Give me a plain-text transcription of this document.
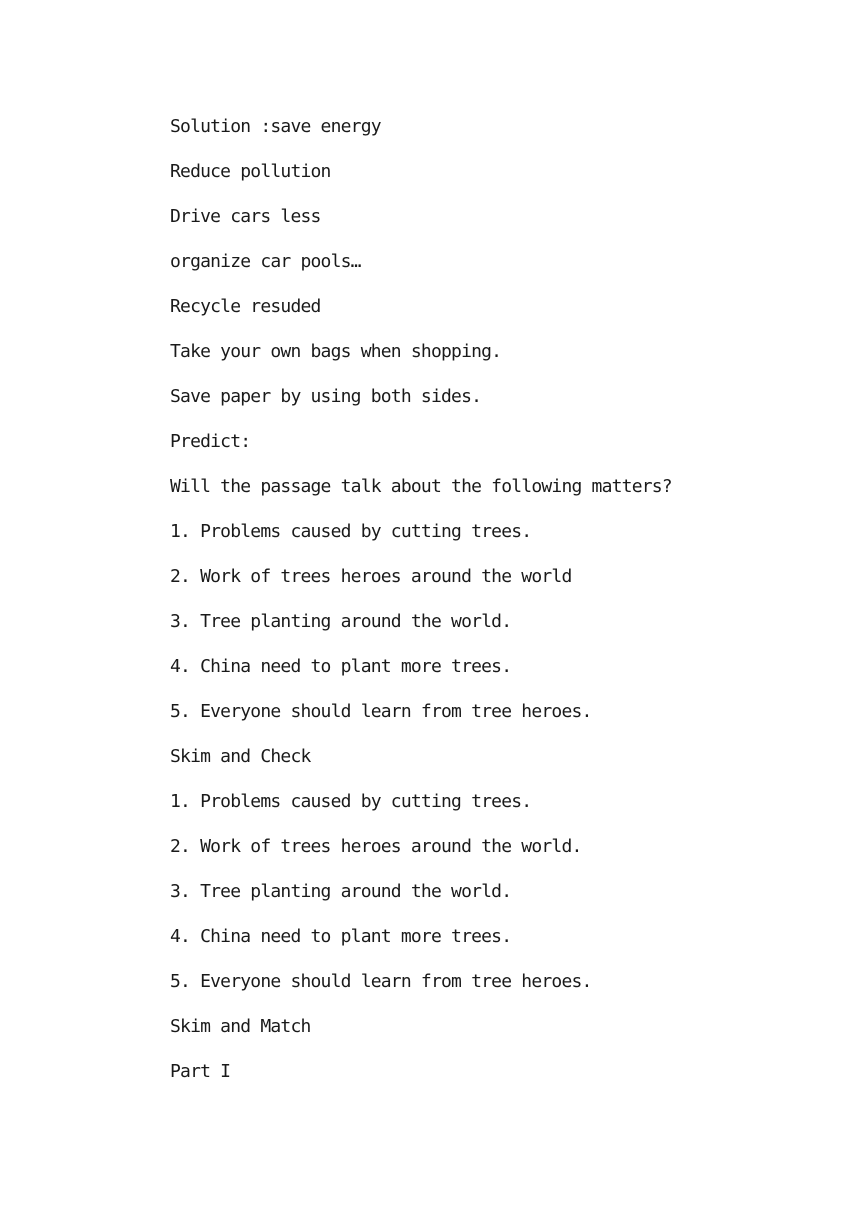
Solution :save energy
Reduce pollution
Drive cars less
organize car pools…
Recycle resuded
Take your own bags when shopping.
Save paper by using both sides.
Predict:
Will the passage talk about the following matters?
1. Problems caused by cutting trees.
2. Work of trees heroes around the world
3. Tree planting around the world.
4. China need to plant more trees.
5. Everyone should learn from tree heroes.
Skim and Check
1. Problems caused by cutting trees.
2. Work of trees heroes around the world.
3. Tree planting around the world.
4. China need to plant more trees.
5. Everyone should learn from tree heroes.
Skim and Match
Part I
